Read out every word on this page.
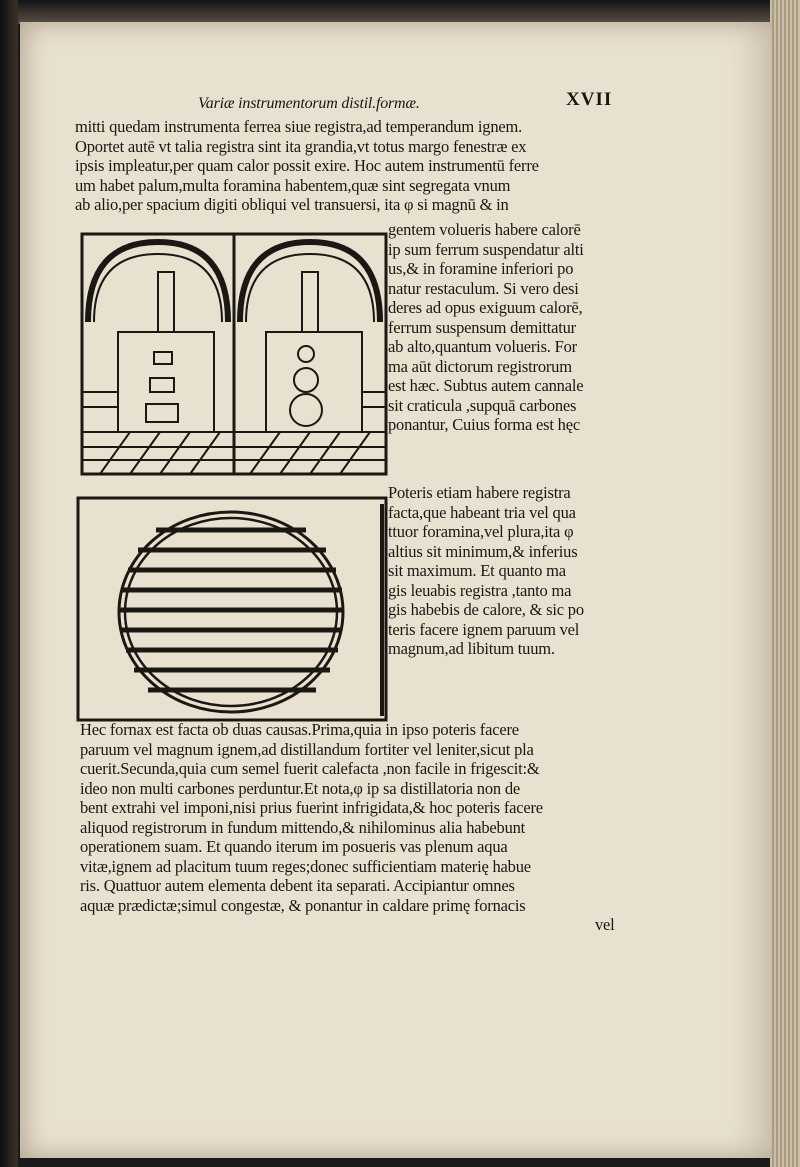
Variæ instrumentorum distil.formæ.	XVII
mitti quedam instrumenta ferrea siue registra,ad temperandum ignem.
Oportet autē vt talia registra sint ita grandia,vt totus margo fenestræ ex
ipsis impleatur,per quam calor possit exire. Hoc autem instrumentū ferre
um habet palum,multa foramina habentem,quæ sint segregata vnum
ab alio,per spacium digiti obliqui vel transuersi, ita φ si magnū & in
gentem volueris habere calorē
ip sum ferrum suspendatur alti
us,& in foramine inferiori po
natur restaculum. Si vero desi
deres ad opus exiguum calorē,
ferrum suspensum demittatur
ab alto,quantum volueris. For
ma aūt dictorum registrorum
est hæc. Subtus autem cannale
sit craticula ,supquā carbones
ponantur, Cuius forma est hęc
Poteris etiam habere registra
facta,que habeant tria vel qua
ttuor foramina,vel plura,ita φ
altius sit minimum,& inferius
sit maximum. Et quanto ma
gis leuabis registra ,tanto ma
gis habebis de calore, & sic po
teris facere ignem paruum vel
magnum,ad libitum tuum.
Hec fornax est facta ob duas causas.Prima,quia in ipso poteris facere
paruum vel magnum ignem,ad distillandum fortiter vel leniter,sicut pla
cuerit.Secunda,quia cum semel fuerit calefacta ,non facile in frigescit:&
ideo non multi carbones perduntur.Et nota,φ ip sa distillatoria non de
bent extrahi vel imponi,nisi prius fuerint infrigidata,& hoc poteris facere
aliquod registrorum in fundum mittendo,& nihilominus alia habebunt
operationem suam. Et quando iterum im posueris vas plenum aqua
vitæ,ignem ad placitum tuum reges;donec sufficientiam materię habue
ris. Quattuor autem elementa debent ita separati. Accipiantur omnes
aquæ prædictæ;simul congestæ, & ponantur in caldare primę fornacis
vel
